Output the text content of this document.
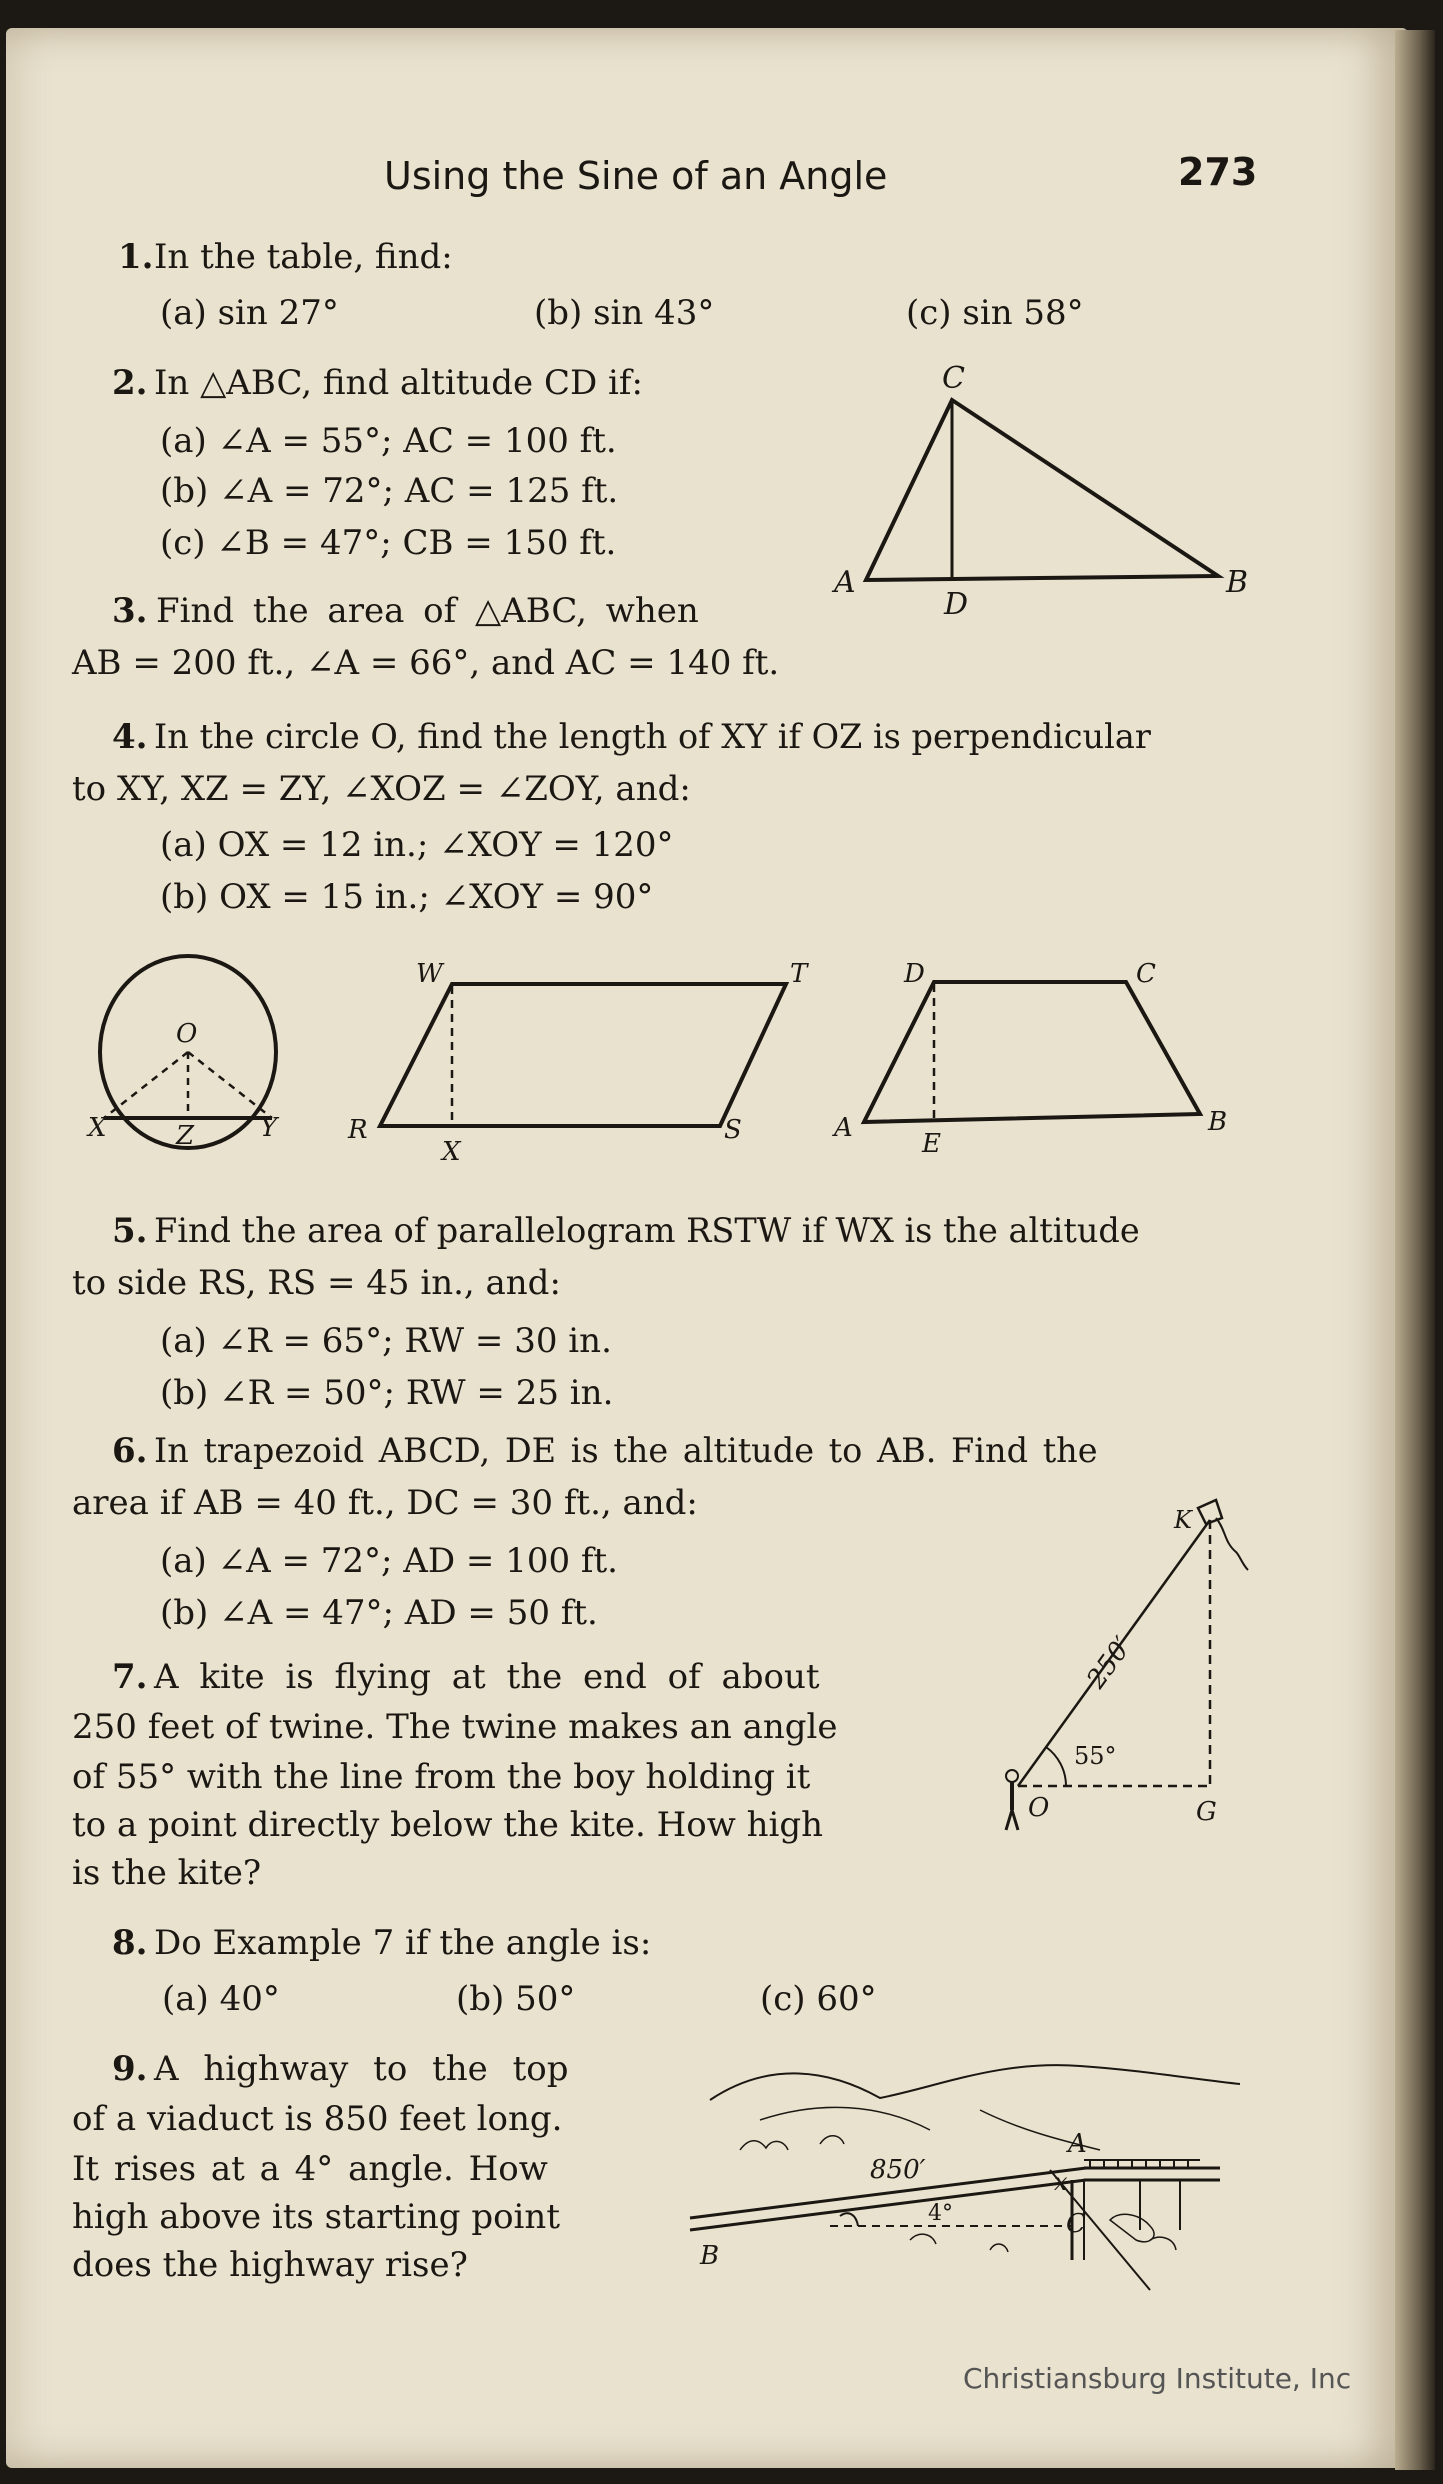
Using the Sine of an Angle	273
1. In the table, find:
(a) sin 27°	(b) sin 43°	(c) sin 58°
2. In △ABC, find altitude CD if:
(a) ∠A = 55°; AC = 100 ft.
(b) ∠A = 72°; AC = 125 ft.
(c) ∠B = 47°; CB = 150 ft.
C
A	B
D
3. Find the area of △ABC, when
AB = 200 ft., ∠A = 66°, and AC = 140 ft.
4. In the circle O, find the length of XY if OZ is perpendicular
to XY, XZ = ZY, ∠XOZ = ∠ZOY, and:
(a) OX = 12 in.; ∠XOY = 120°
(b) OX = 15 in.; ∠XOY = 90°
O
X	Y
Z
W	T
R	S
X
D	C
A
E
B
5. Find the area of parallelogram RSTW if WX is the altitude
to side RS, RS = 45 in., and:
(a) ∠R = 65°; RW = 30 in.
(b) ∠R = 50°; RW = 25 in.
6. In trapezoid ABCD, DE is the altitude to AB. Find the
area if AB = 40 ft., DC = 30 ft., and:
(a) ∠A = 72°; AD = 100 ft.
(b) ∠A = 47°; AD = 50 ft.
K
O	G
250′
55°
7. A kite is flying at the end of about
250 feet of twine. The twine makes an angle
of 55° with the line from the boy holding it
to a point directly below the kite. How high
is the kite?
8. Do Example 7 if the angle is:
(a) 40°	(b) 50°	(c) 60°
9. A highway to the top
of a viaduct is 850 feet long.
It rises at a 4° angle. How
high above its starting point
does the highway rise?
A
B
C
x
850′
4°
Christiansburg Institute, Inc
